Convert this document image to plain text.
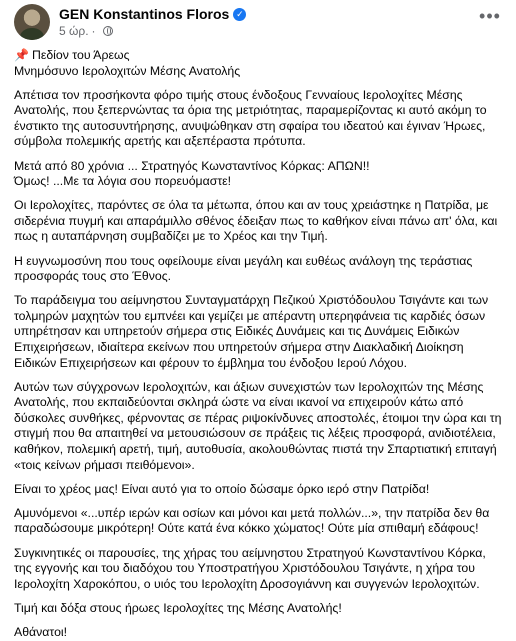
GEN Konstantinos Floros ✓
5 ώρ. ·
•••

📌 Πεδίον του Άρεως
Μνημόσυνο Ιερολοχιτών Μέσης Ανατολής

Απέτισα τον προσήκοντα φόρο τιμής στους ένδοξους Γενναίους Ιερολοχίτες Μέσης Ανατολής, που ξεπερνώντας τα όρια της μετριότητας, παραμερίζοντας κι αυτό ακόμη το ένστικτο της αυτοσυντήρησης, ανυψώθηκαν στη σφαίρα του ιδεατού και έγιναν Ήρωες, σύμβολα πολεμικής αρετής και αξεπέραστα πρότυπα.

Μετά από 80 χρόνια ... Στρατηγός Κωνσταντίνος Κόρκας: ΑΠΩΝ!!
Όμως! ...Με τα λόγια σου πορευόμαστε!

Οι Ιερολοχίτες, παρόντες σε όλα τα μέτωπα, όπου και αν τους χρειάστηκε η Πατρίδα, με σιδερένια πυγμή και απαράμιλλο σθένος έδειξαν πως το καθήκον είναι πάνω απ' όλα, και πως η αυταπάρνηση συμβαδίζει με το Χρέος και την Τιμή.

Η ευγνωμοσύνη που τους οφείλουμε είναι μεγάλη και ευθέως ανάλογη της τεράστιας προσφοράς τους στο Έθνος.

Το παράδειγμα του αείμνηστου Συνταγματάρχη Πεζικού Χριστόδουλου Τσιγάντε και των τολμηρών μαχητών του εμπνέει και γεμίζει με απέραντη υπερηφάνεια τις καρδιές όσων υπηρέτησαν και υπηρετούν σήμερα στις Ειδικές Δυνάμεις και τις Δυνάμεις Ειδικών Επιχειρήσεων, ιδιαίτερα εκείνων που υπηρετούν σήμερα στην Διακλαδική Διοίκηση Ειδικών Επιχειρήσεων και φέρουν το έμβλημα του ένδοξου Ιερού Λόχου.

Αυτών των σύγχρονων Ιερολοχιτών, και άξιων συνεχιστών των Ιερολοχιτών της Μέσης Ανατολής, που εκπαιδεύονται σκληρά ώστε να είναι ικανοί να επιχειρούν κάτω από δύσκολες συνθήκες, φέρνοντας σε πέρας ριψοκίνδυνες αποστολές, έτοιμοι την ώρα και τη στιγμή που θα απαιτηθεί να μετουσιώσουν σε πράξεις τις λέξεις προσφορά, ανιδιοτέλεια, καθήκον, πολεμική αρετή, τιμή, αυτοθυσία, ακολουθώντας πιστά την Σπαρτιατική επιταγή «τοις κείνων ρήμασι πειθόμενοι».

Είναι το χρέος μας! Είναι αυτό για το οποίο δώσαμε όρκο ιερό στην Πατρίδα!

Αμυνόμενοι «...υπέρ ιερών και οσίων και μόνοι και μετά πολλών...», την πατρίδα δεν θα παραδώσουμε μικρότερη! Ούτε κατά ένα κόκκο χώματος! Ούτε μία σπιθαμή εδάφους!

Συγκινητικές οι παρουσίες, της χήρας του αείμνηστου Στρατηγού Κωνσταντίνου Κόρκα, της εγγονής και του διαδόχου του Υποστρατήγου Χριστόδουλου Τσιγάντε, η χήρα του Ιερολοχίτη Χαροκόπου, ο υιός του Ιερολοχίτη Δροσογιάννη και συγγενών Ιερολοχιτών.

Τιμή και δόξα στους ήρωες Ιερολοχίτες της Μέσης Ανατολής!

Αθάνατοι!
